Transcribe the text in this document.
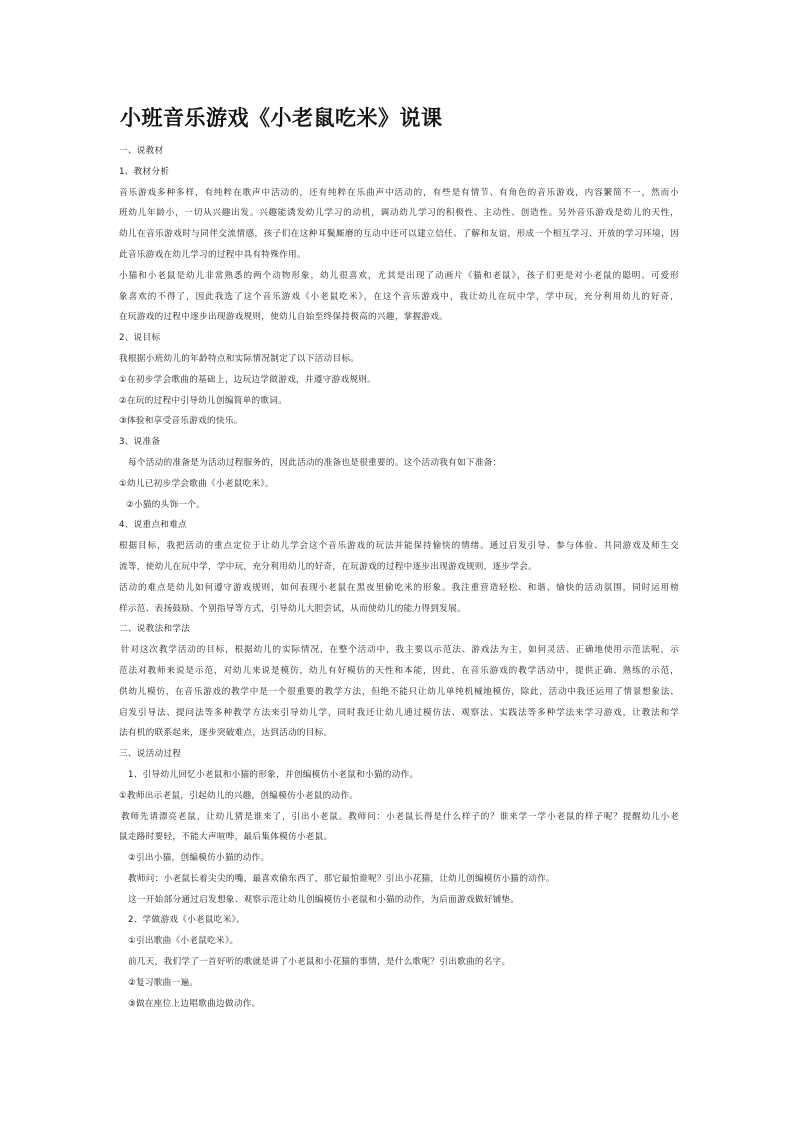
小班音乐游戏《小老鼠吃米》说课
一、说教材
1、教材分析
音乐游戏多种多样，有纯粹在歌声中活动的，还有纯粹在乐曲声中活动的，有些是有情节、有角色的音乐游戏，内容繁简不一，然而小
班幼儿年龄小，一切从兴趣出发。兴趣能诱发幼儿学习的动机，调动幼儿学习的积极性、主动性、创造性。另外音乐游戏是幼儿的天性，
幼儿在音乐游戏时与同伴交流情感，孩子们在这种耳鬓厮磨的互动中还可以建立信任、了解和友谊，形成一个相互学习、开放的学习环境，因
此音乐游戏在幼儿学习的过程中具有特殊作用。
小猫和小老鼠是幼儿非常熟悉的两个动物形象，幼儿很喜欢，尤其是出现了动画片《猫和老鼠》，孩子们更是对小老鼠的聪明、可爱形
象喜欢的不得了，因此我选了这个音乐游戏《小老鼠吃米》，在这个音乐游戏中，我让幼儿在玩中学，学中玩，充分利用幼儿的好奇，
在玩游戏的过程中逐步出现游戏规则，使幼儿自始至终保持极高的兴趣，掌握游戏。
2、说目标
我根据小班幼儿的年龄特点和实际情况制定了以下活动目标。
①在初步学会歌曲的基础上，边玩边学做游戏，并遵守游戏规则。
②在玩的过程中引导幼儿创编简单的歌词。
③体验和享受音乐游戏的快乐。
3、说准备
每个活动的准备是为活动过程服务的，因此活动的准备也是很重要的。这个活动我有如下准备：
①幼儿已初步学会歌曲《小老鼠吃米》。
②小猫的头饰一个。
4、说重点和难点
根据目标，我把活动的重点定位于让幼儿学会这个音乐游戏的玩法并能保持愉快的情绪。通过启发引导、参与体验、共同游戏及师生交
流等，使幼儿在玩中学，学中玩，充分利用幼儿的好奇，在玩游戏的过程中逐步出现游戏规则，逐步学会。
活动的难点是幼儿如何遵守游戏规则，如何表现小老鼠在黑夜里偷吃米的形象。我注重营造轻松、和谐、愉快的活动氛围，同时运用榜
样示范、表扬鼓励、个别指导等方式，引导幼儿大胆尝试，从而使幼儿的能力得到发展。
二、说教法和学法
针对这次教学活动的目标，根据幼儿的实际情况，在整个活动中，我主要以示范法、游戏法为主，如何灵活、正确地使用示范法呢，示
范法对教师来说是示范，对幼儿来说是模仿，幼儿有好模仿的天性和本能，因此，在音乐游戏的教学活动中，提供正确、熟练的示范，
供幼儿模仿，在音乐游戏的教学中是一个很重要的教学方法，但绝不能只让幼儿单纯机械地模仿，除此，活动中我还运用了情景想象法、
启发引导法、提问法等多种教学方法来引导幼儿学，同时我还让幼儿通过模仿法、观察法、实践法等多种学法来学习游戏，让教法和学
法有机的联系起来，逐步突破难点，达到活动的目标。
三、说活动过程
1、引导幼儿回忆小老鼠和小猫的形象，并创编模仿小老鼠和小猫的动作。
①教师出示老鼠，引起幼儿的兴趣，创编模仿小老鼠的动作。
教师先请漂亮老鼠，让幼儿猜是谁来了，引出小老鼠。教师问：小老鼠长得是什么样子的？谁来学一学小老鼠的样子呢？提醒幼儿小老
鼠走路时要轻，不能大声喧哗，最后集体模仿小老鼠。
②引出小猫，创编模仿小猫的动作。
教师问：小老鼠长着尖尖的嘴，最喜欢偷东西了，那它最怕谁呢？引出小花猫，让幼儿创编模仿小猫的动作。
这一开始部分通过启发想象、观察示范让幼儿创编模仿小老鼠和小猫的动作，为后面游戏做好铺垫。
2、学做游戏《小老鼠吃米》。
①引出歌曲《小老鼠吃米》。
前几天，我们学了一首好听的歌就是讲了小老鼠和小花猫的事情，是什么歌呢？引出歌曲的名字。
②复习歌曲一遍。
③做在座位上边唱歌曲边做动作。
